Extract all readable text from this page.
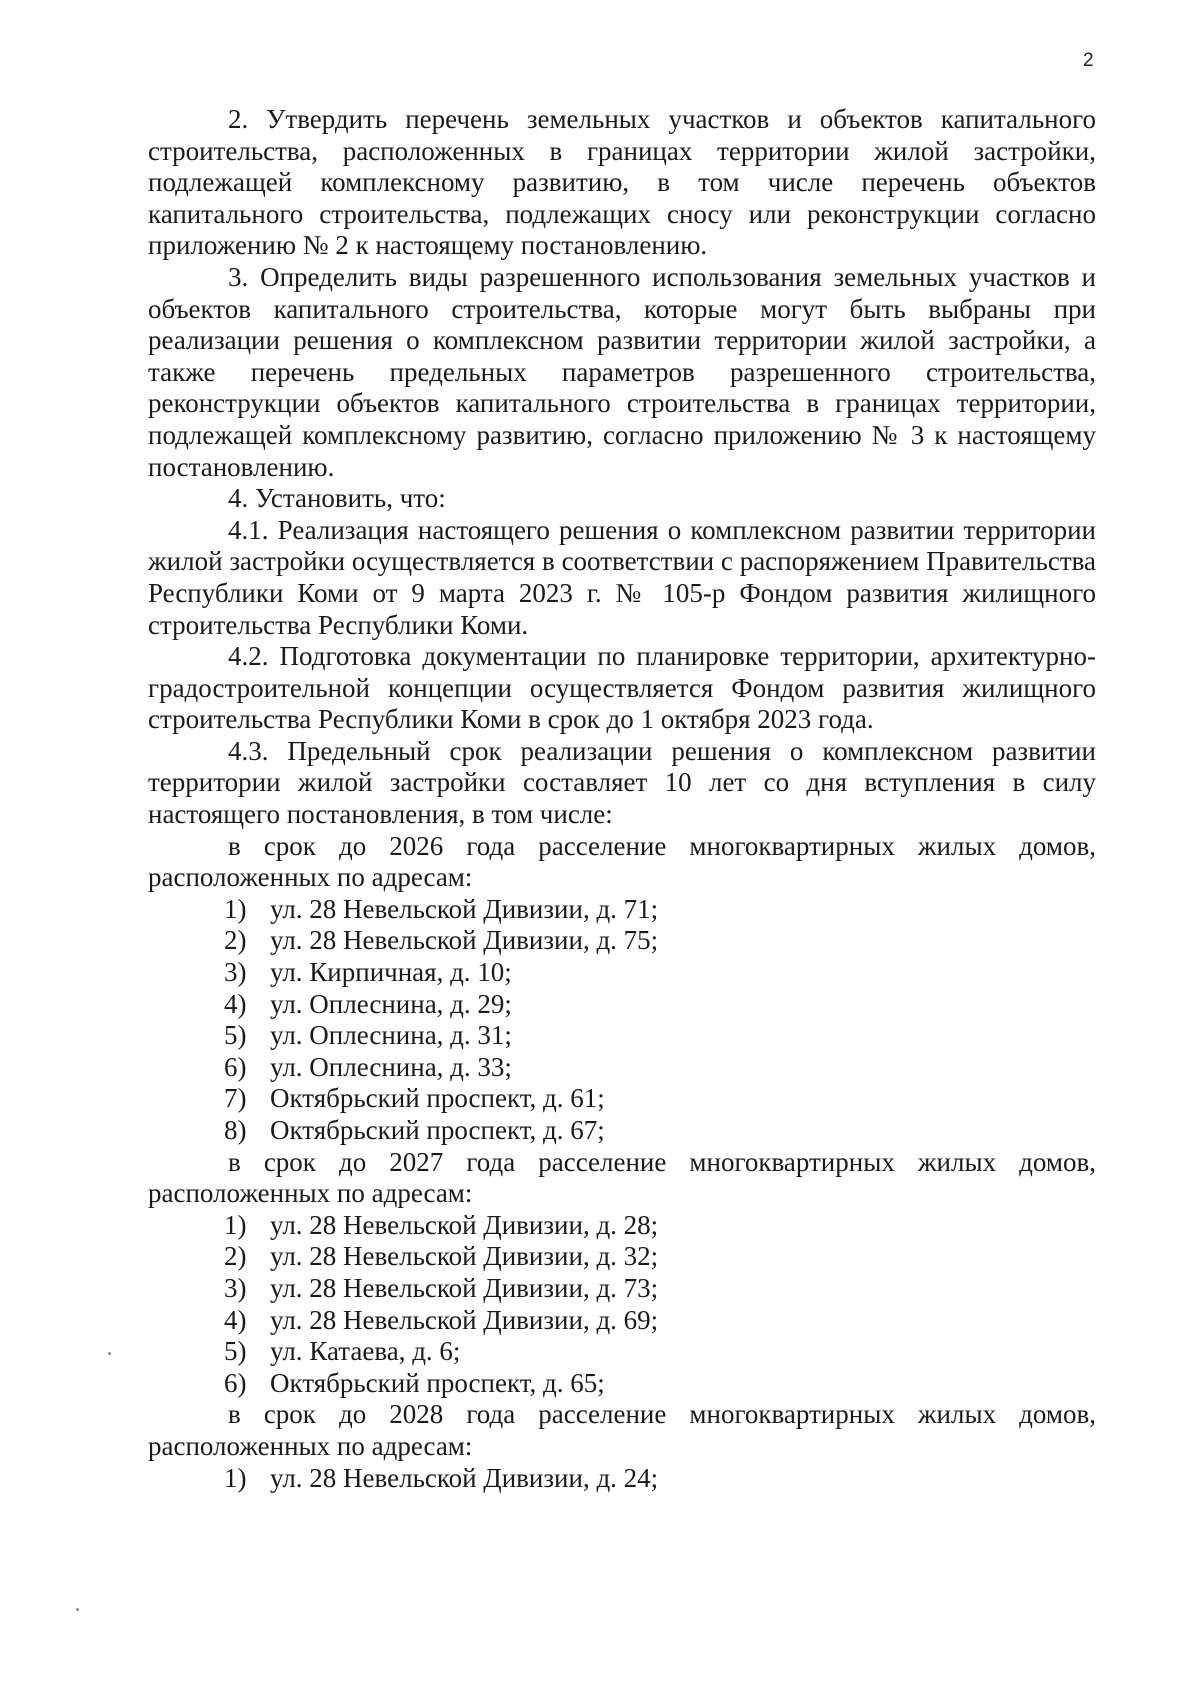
2

2. Утвердить перечень земельных участков и объектов капитального строительства, расположенных в границах территории жилой застройки, подлежащей комплексному развитию, в том числе перечень объектов капитального строительства, подлежащих сносу или реконструкции согласно приложению № 2 к настоящему постановлению.

3. Определить виды разрешенного использования земельных участков и объектов капитального строительства, которые могут быть выбраны при реализации решения о комплексном развитии территории жилой застройки, а также перечень предельных параметров разрешенного строительства, реконструкции объектов капитального строительства в границах территории, подлежащей комплексному развитию, согласно приложению № 3 к настоящему постановлению.

4. Установить, что:

4.1. Реализация настоящего решения о комплексном развитии территории жилой застройки осуществляется в соответствии с распоряжением Правительства Республики Коми от 9 марта 2023 г. № 105-р Фондом развития жилищного строительства Республики Коми.

4.2. Подготовка документации по планировке территории, архитектурно-градостроительной концепции осуществляется Фондом развития жилищного строительства Республики Коми в срок до 1 октября 2023 года.

4.3. Предельный срок реализации решения о комплексном развитии территории жилой застройки составляет 10 лет со дня вступления в силу настоящего постановления, в том числе:

в срок до 2026 года расселение многоквартирных жилых домов, расположенных по адресам:

1) ул. 28 Невельской Дивизии, д. 71;
2) ул. 28 Невельской Дивизии, д. 75;
3) ул. Кирпичная, д. 10;
4) ул. Оплеснина, д. 29;
5) ул. Оплеснина, д. 31;
6) ул. Оплеснина, д. 33;
7) Октябрьский проспект, д. 61;
8) Октябрьский проспект, д. 67;

в срок до 2027 года расселение многоквартирных жилых домов, расположенных по адресам:

1) ул. 28 Невельской Дивизии, д. 28;
2) ул. 28 Невельской Дивизии, д. 32;
3) ул. 28 Невельской Дивизии, д. 73;
4) ул. 28 Невельской Дивизии, д. 69;
5) ул. Катаева, д. 6;
6) Октябрьский проспект, д. 65;

в срок до 2028 года расселение многоквартирных жилых домов, расположенных по адресам:

1) ул. 28 Невельской Дивизии, д. 24;
